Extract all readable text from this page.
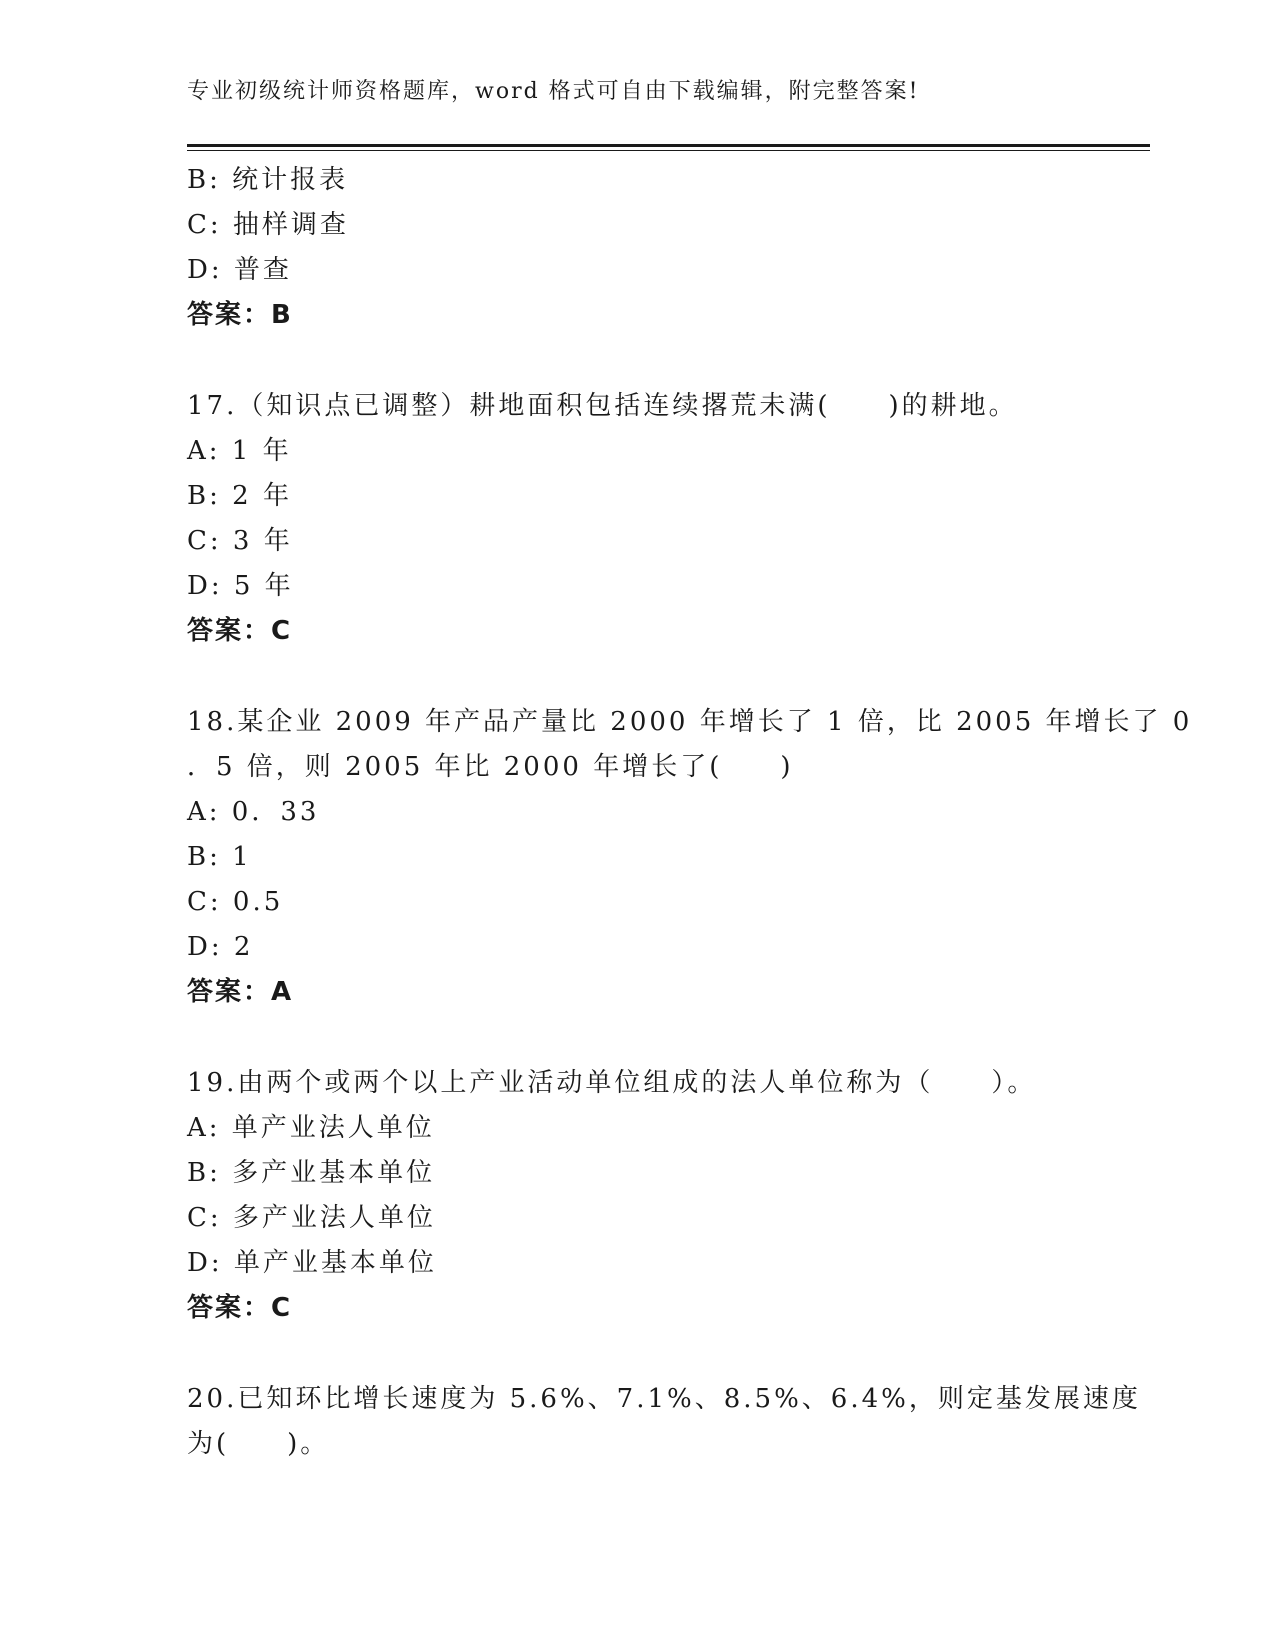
专业初级统计师资格题库，word 格式可自由下载编辑，附完整答案!
B: 统计报表
C: 抽样调查
D: 普查
答案：B
17.（知识点已调整）耕地面积包括连续撂荒未满(　　)的耕地。
A: 1 年
B: 2 年
C: 3 年
D: 5 年
答案：C
18.某企业 2009 年产品产量比 2000 年增长了 1 倍，比 2005 年增长了 0
．5 倍，则 2005 年比 2000 年增长了(　　)
A: 0．33
B: 1
C: 0.5
D: 2
答案：A
19.由两个或两个以上产业活动单位组成的法人单位称为（　　）。
A: 单产业法人单位
B: 多产业基本单位
C: 多产业法人单位
D: 单产业基本单位
答案：C
20.已知环比增长速度为 5.6%、7.1%、8.5%、6.4%，则定基发展速度
为(　　)。
